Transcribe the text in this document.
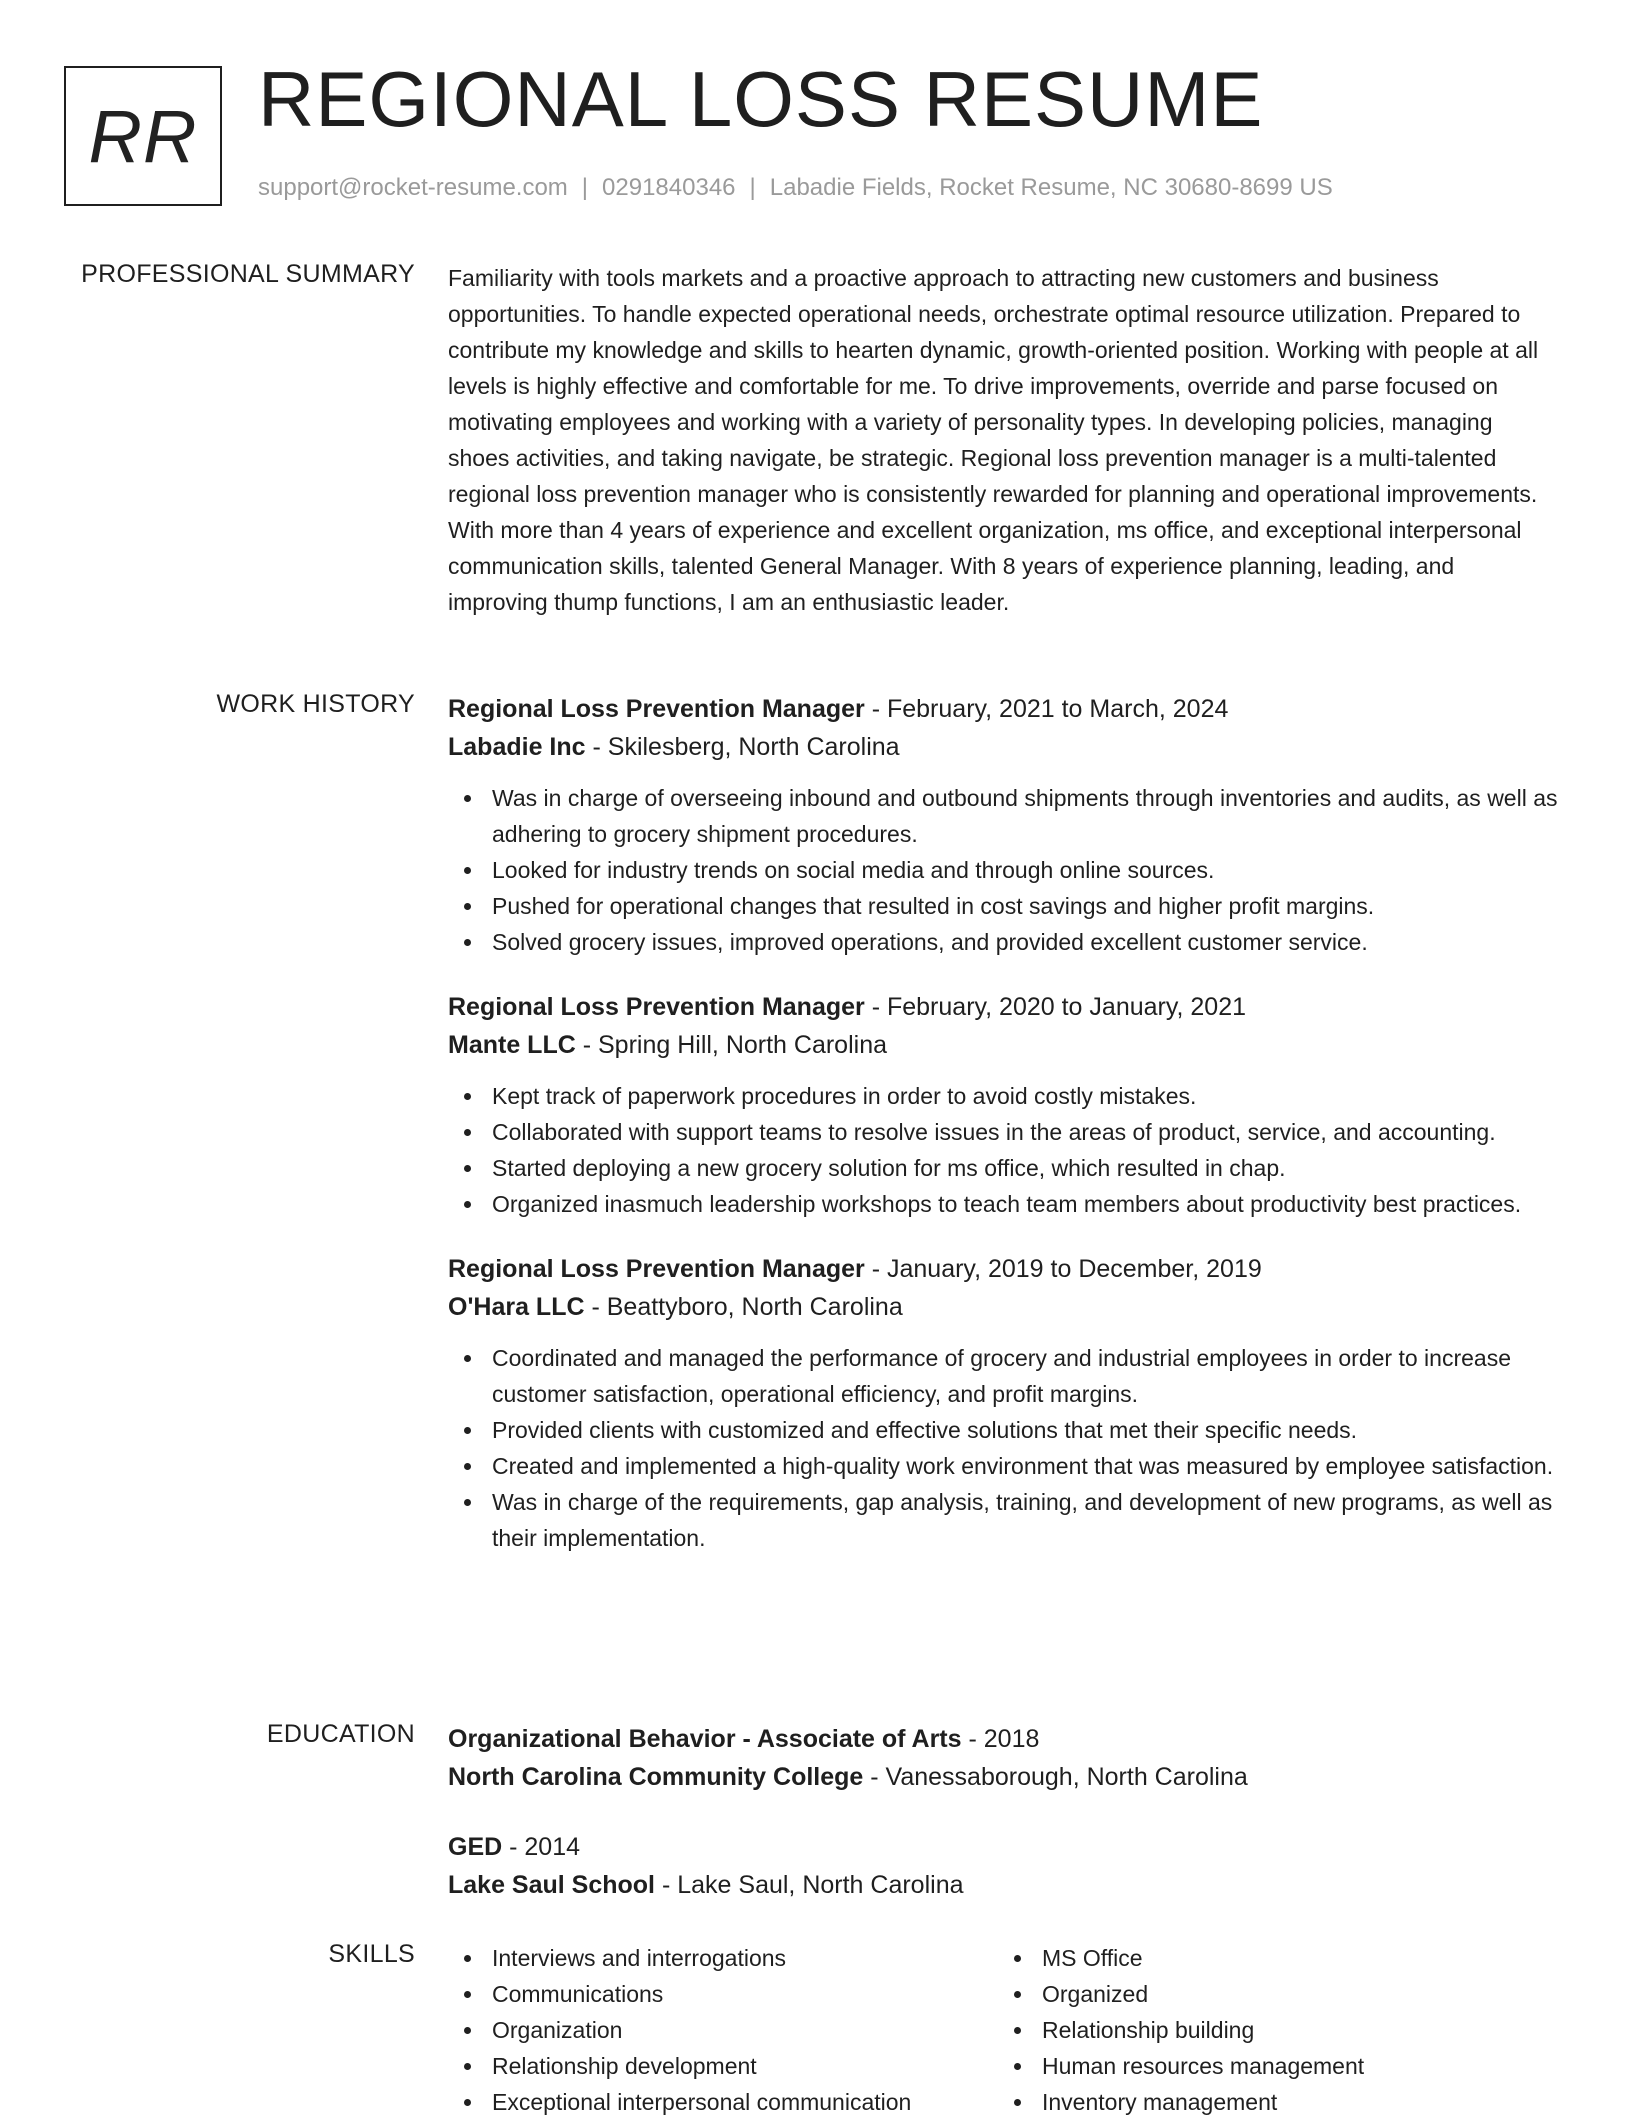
RR REGIONAL LOSS RESUME
support@rocket-resume.com | 0291840346 | Labadie Fields, Rocket Resume, NC 30680-8699 US
PROFESSIONAL SUMMARY Familiarity with tools markets and a proactive approach to attracting new customers and business opportunities. To handle expected operational needs, orchestrate optimal resource utilization. Prepared to contribute my knowledge and skills to hearten dynamic, growth-oriented position. Working with people at all levels is highly effective and comfortable for me. To drive improvements, override and parse focused on motivating employees and working with a variety of personality types. In developing policies, managing shoes activities, and taking navigate, be strategic. Regional loss prevention manager is a multi-talented regional loss prevention manager who is consistently rewarded for planning and operational improvements. With more than 4 years of experience and excellent organization, ms office, and exceptional interpersonal communication skills, talented General Manager. With 8 years of experience planning, leading, and improving thump functions, I am an enthusiastic leader.

WORK HISTORY Regional Loss Prevention Manager - February, 2021 to March, 2024
Labadie Inc - Skilesberg, North Carolina
Was in charge of overseeing inbound and outbound shipments through inventories and audits, as well as adhering to grocery shipment procedures.
Looked for industry trends on social media and through online sources.
Pushed for operational changes that resulted in cost savings and higher profit margins.
Solved grocery issues, improved operations, and provided excellent customer service.
Regional Loss Prevention Manager - February, 2020 to January, 2021
Mante LLC - Spring Hill, North Carolina
Kept track of paperwork procedures in order to avoid costly mistakes.
Collaborated with support teams to resolve issues in the areas of product, service, and accounting.
Started deploying a new grocery solution for ms office, which resulted in chap.
Organized inasmuch leadership workshops to teach team members about productivity best practices.
Regional Loss Prevention Manager - January, 2019 to December, 2019
O'Hara LLC - Beattyboro, North Carolina
Coordinated and managed the performance of grocery and industrial employees in order to increase customer satisfaction, operational efficiency, and profit margins.
Provided clients with customized and effective solutions that met their specific needs.
Created and implemented a high-quality work environment that was measured by employee satisfaction.
Was in charge of the requirements, gap analysis, training, and development of new programs, as well as their implementation.
EDUCATION Organizational Behavior - Associate of Arts - 2018
North Carolina Community College - Vanessaborough, North Carolina
GED - 2014
Lake Saul School - Lake Saul, North Carolina
SKILLS	Interviews and interrogations
Communications
Organization
Relationship development
Exceptional interpersonal communication
MS Office
Organized
Relationship building
Human resources management
Inventory management
